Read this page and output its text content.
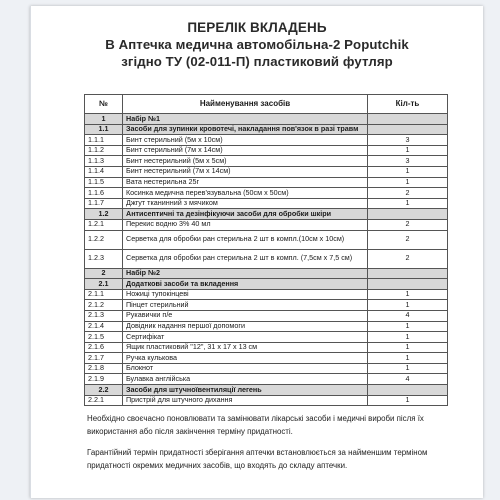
ПЕРЕЛІК ВКЛАДЕНЬ
В Аптечка медична автомобільна-2 Poputchik
згідно ТУ (02-011-П) пластиковий футляр
№	Найменування засобів	Кіл-ть
1	Набір №1	
1.1	Засоби для зупинки кровотечі, накладання пов'язок в разі травм	
1.1.1	Бинт стерильний (5м х 10см)	3
1.1.2	Бинт стерильний (7м х 14см)	1
1.1.3	Бинт нестерильний (5м х 5см)	3
1.1.4	Бинт нестерильний (7м х 14см)	1
1.1.5	Вата нестерильна 25г	1
1.1.6	Косинка медична перев'язувальна (50см х 50см)	2
1.1.7	Джгут тканинний з мячиком	1
1.2	Антисептичні та дезінфікуючи засоби для обробки шкіри	
1.2.1	Перекис водню 3% 40 мл	2
1.2.2	Серветка для обробки ран стерильна 2 шт в компл.(10см х 10см)	2
1.2.3	Серветка для обробки ран стерильна 2 шт в компл. (7,5см х 7,5 см)	2
2	Набір №2	
2.1	Додаткові засоби та вкладення	
2.1.1	Ножиці тупокінцеві	1
2.1.2	Пінцет стерильний	1
2.1.3	Рукавички п/е	4
2.1.4	Довідник надання першої допомоги	1
2.1.5	Сертифікат	1
2.1.6	Ящик пластиковий "12", 31 х 17 х 13 см	1
2.1.7	Ручка кулькова	1
2.1.8	Блокнот	1
2.1.9	Булавка англійська	4
2.2	Засоби для штучноївентиляції легень	
2.2.1	Пристрій для штучного дихання	1
Необхідно своєчасно поновлювати та замінювати лікарські засоби і медичні вироби після їх використання або після закінчення терміну придатності.
Гарантійний термін придатності зберігання аптечки встановлюється за найменшим терміном придатності окремих медичних засобів, що входять до складу аптечки.
